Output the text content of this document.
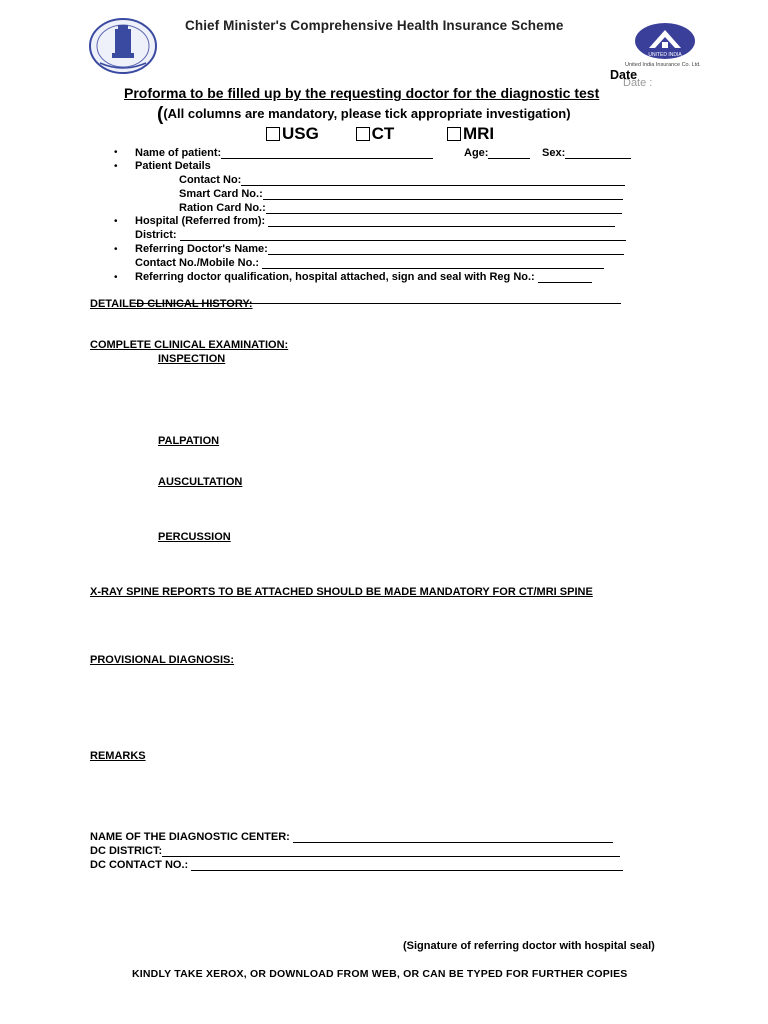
Chief Minister's Comprehensive Health Insurance Scheme
UNITED INDIA
United India Insurance Co. Ltd.
Date :
Date
Proforma to be filled up by the requesting doctor for the diagnostic test
((All columns are mandatory, please tick appropriate investigation)
USG
	CT
	MRI
• Name of patient:	Age:	Sex:
• Patient Details
Contact No:
Smart Card No.:
Ration Card No.:
• Hospital (Referred from):
District:
• Referring Doctor's Name:
Contact No./Mobile No.:
• Referring doctor qualification, hospital attached, sign and seal with Reg No.:
DETAILED CLINICAL HISTORY:
COMPLETE CLINICAL EXAMINATION:
INSPECTION
PALPATION
AUSCULTATION
PERCUSSION
X-RAY SPINE REPORTS TO BE ATTACHED SHOULD BE MADE MANDATORY FOR CT/MRI SPINE
PROVISIONAL DIAGNOSIS:
REMARKS
NAME OF THE DIAGNOSTIC CENTER:
DC DISTRICT:
DC CONTACT NO.:
(Signature of referring doctor with hospital seal)
KINDLY TAKE XEROX, OR DOWNLOAD FROM WEB, OR CAN BE TYPED FOR FURTHER COPIES
